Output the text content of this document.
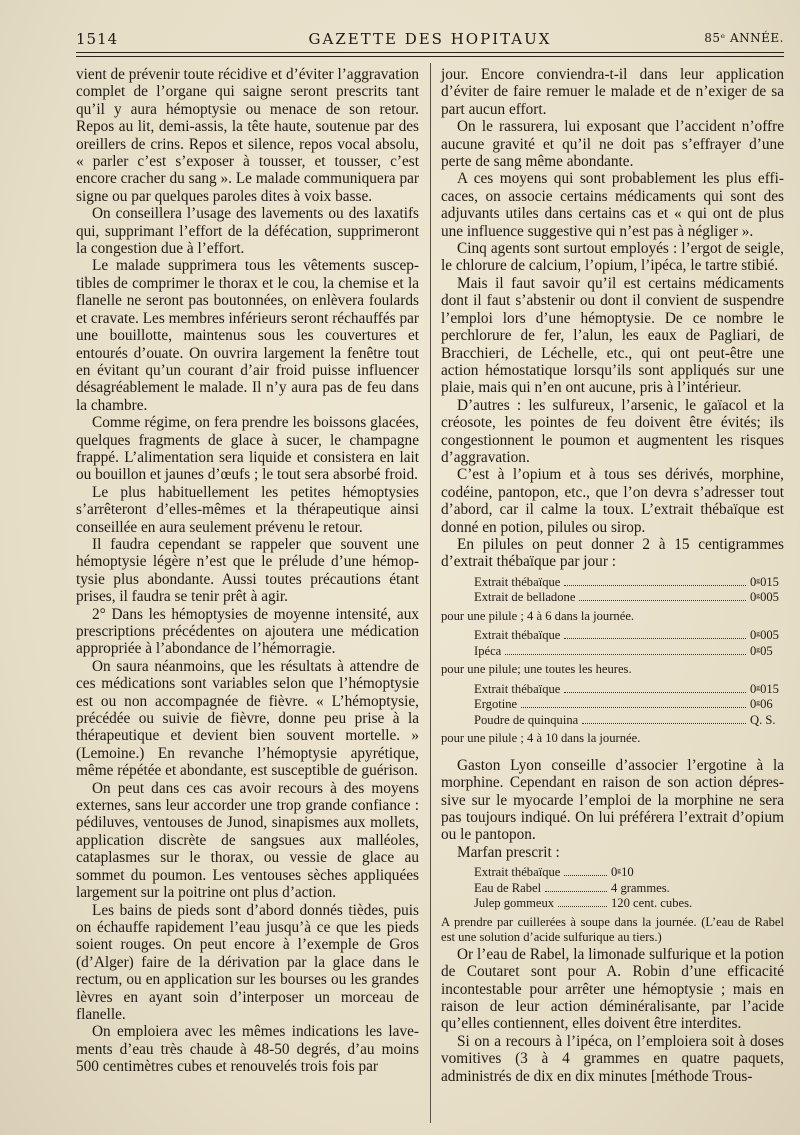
1514	GAZETTE DES HOPITAUX	85ᵉ ANNÉE.

vient de prévenir toute récidive et d’éviter l’aggravation complet de l’organe qui saigne seront prescrits tant qu’il y aura hémoptysie ou menace de son retour. Repos au lit, demi-assis, la tête haute, soutenue par des oreillers de crins. Repos et silence, repos vocal absolu, « parler c’est s’exposer à tousser, et tousser, c’est encore cracher du sang ». Le malade communiquera par signe ou par quelques paroles dites à voix basse.

On conseillera l’usage des lavements ou des laxatifs qui, supprimant l’effort de la défécation, supprimeront la congestion due à l’effort.

Le malade supprimera tous les vêtements susceptibles de comprimer le thorax et le cou, la chemise et la flanelle ne seront pas boutonnées, on enlèvera foulards et cravate. Les membres inférieurs seront réchauffés par une bouillotte, maintenus sous les couvertures et entourés d’ouate. On ouvrira largement la fenêtre tout en évitant qu’un courant d’air froid puisse influencer désagréablement le malade. Il n’y aura pas de feu dans la chambre.

Comme régime, on fera prendre les boissons glacées, quelques fragments de glace à sucer, le champagne frappé. L’alimentation sera liquide et consistera en lait ou bouillon et jaunes d’œufs ; le tout sera absorbé froid.

Le plus habituellement les petites hémoptysies s’arrêteront d’elles-mêmes et la thérapeutique ainsi conseillée en aura seulement prévenu le retour.

Il faudra cependant se rappeler que souvent une hémoptysie légère n’est que le prélude d’une hémoptysie plus abondante. Aussi toutes précautions étant prises, il faudra se tenir prêt à agir.

2° Dans les hémoptysies de moyenne intensité, aux prescriptions précédentes on ajoutera une médication appropriée à l’abondance de l’hémorragie.

On saura néanmoins, que les résultats à attendre de ces médications sont variables selon que l’hémoptysie est ou non accompagnée de fièvre. « L’hémoptysie, précédée ou suivie de fièvre, donne peu prise à la thérapeutique et devient bien souvent mortelle. » (Lemoine.) En revanche l’hémoptysie apyrétique, même répétée et abondante, est susceptible de guérison.

On peut dans ces cas avoir recours à des moyens externes, sans leur accorder une trop grande confiance : pédiluves, ventouses de Junod, sinapismes aux mollets, application discrète de sangsues aux malléoles, cataplasmes sur le thorax, ou vessie de glace au sommet du poumon. Les ventouses sèches appliquées largement sur la poitrine ont plus d’action.

Les bains de pieds sont d’abord donnés tièdes, puis on échauffe rapidement l’eau jusqu’à ce que les pieds soient rouges. On peut encore à l’exemple de Gros (d’Alger) faire de la dérivation par la glace dans le rectum, ou en application sur les bourses ou les grandes lèvres en ayant soin d’interposer un morceau de flanelle.

On emploiera avec les mêmes indications les lavements d’eau très chaude à 48-50 degrés, d’au moins 500 centimètres cubes et renouvelés trois fois par

jour. Encore conviendra-t-il dans leur application d’éviter de faire remuer le malade et de n’exiger de sa part aucun effort.

On le rassurera, lui exposant que l’accident n’offre aucune gravité et qu’il ne doit pas s’effrayer d’une perte de sang même abondante.

A ces moyens qui sont probablement les plus efficaces, on associe certains médicaments qui sont des adjuvants utiles dans certains cas et « qui ont de plus une influence suggestive qui n’est pas à négliger ».

Cinq agents sont surtout employés : l’ergot de seigle, le chlorure de calcium, l’opium, l’ipéca, le tartre stibié.

Mais il faut savoir qu’il est certains médicaments dont il faut s’abstenir ou dont il convient de suspendre l’emploi lors d’une hémoptysie. De ce nombre le perchlorure de fer, l’alun, les eaux de Pagliari, de Bracchieri, de Léchelle, etc., qui ont peut-être une action hémostatique lorsqu’ils sont appliqués sur une plaie, mais qui n’en ont aucune, pris à l’intérieur.

D’autres : les sulfureux, l’arsenic, le gaïacol et la créosote, les pointes de feu doivent être évités; ils congestionnent le poumon et augmentent les risques d’aggravation.

C’est à l’opium et à tous ses dérivés, morphine, codéine, pantopon, etc., que l’on devra s’adresser tout d’abord, car il calme la toux. L’extrait thébaïque est donné en potion, pilules ou sirop.

En pilules on peut donner 2 à 15 centigrammes d’extrait thébaïque par jour :

Extrait thébaïque	0ᵍ015
Extrait de belladone	0ᵍ005

pour une pilule ; 4 à 6 dans la journée.

Extrait thébaïque	0ᵍ005
Ipéca	0ᵍ05

pour une pilule; une toutes les heures.

Extrait thébaïque	0ᵍ015
Ergotine	0ᵍ06
Poudre de quinquina	Q. S.

pour une pilule ; 4 à 10 dans la journée.

Gaston Lyon conseille d’associer l’ergotine à la morphine. Cependant en raison de son action dépressive sur le myocarde l’emploi de la morphine ne sera pas toujours indiqué. On lui préférera l’extrait d’opium ou le pantopon.

Marfan prescrit :

Extrait thébaïque	0ᵍ10
Eau de Rabel	4 grammes.
Julep gommeux	120 cent. cubes.

A prendre par cuillerées à soupe dans la journée. (L’eau de Rabel est une solution d’acide sulfurique au tiers.)

Or l’eau de Rabel, la limonade sulfurique et la potion de Coutaret sont pour A. Robin d’une efficacité incontestable pour arrêter une hémoptysie ; mais en raison de leur action déminéralisante, par l’acide qu’elles contiennent, elles doivent être interdites.

Si on a recours à l’ipéca, on l’emploiera soit à doses vomitives (3 à 4 grammes en quatre paquets, administrés de dix en dix minutes [méthode Trous-
